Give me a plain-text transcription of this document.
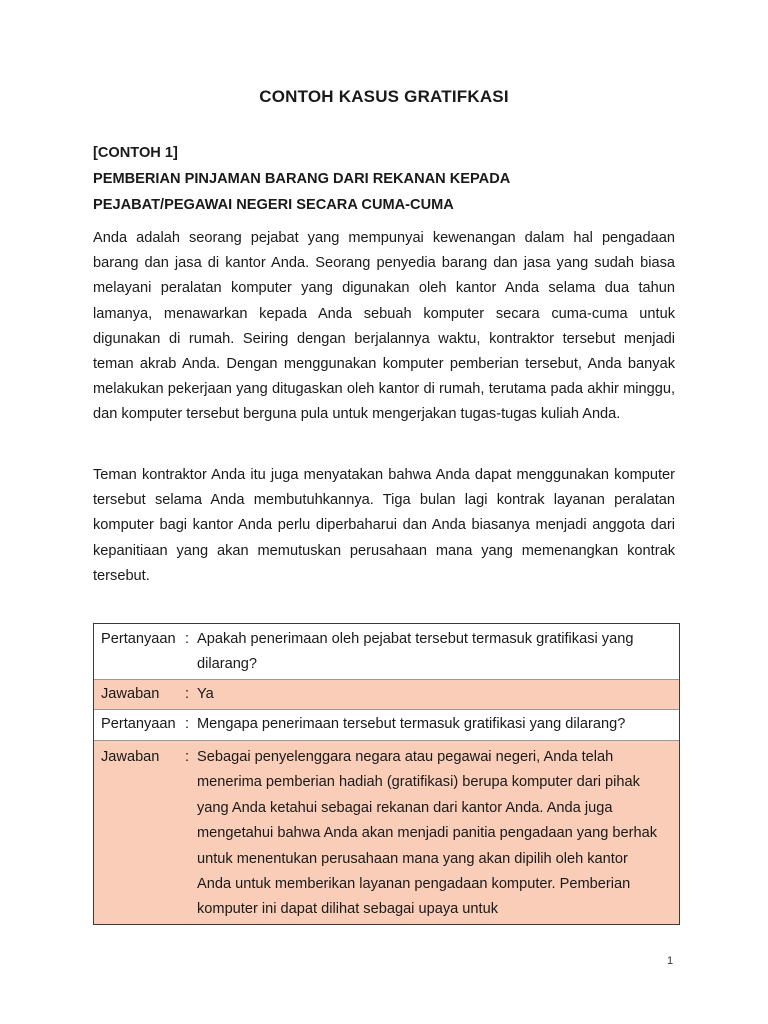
CONTOH KASUS GRATIFKASI
[CONTOH 1]
PEMBERIAN PINJAMAN BARANG DARI REKANAN KEPADA
PEJABAT/PEGAWAI NEGERI SECARA CUMA-CUMA

Anda adalah seorang pejabat yang mempunyai kewenangan dalam hal pengadaan barang dan jasa di kantor Anda. Seorang penyedia barang dan jasa yang sudah biasa melayani peralatan komputer yang digunakan oleh kantor Anda selama dua tahun lamanya, menawarkan kepada Anda sebuah komputer secara cuma-cuma untuk digunakan di rumah. Seiring dengan berjalannya waktu, kontraktor tersebut menjadi teman akrab Anda. Dengan menggunakan komputer pemberian tersebut, Anda banyak melakukan pekerjaan yang ditugaskan oleh kantor di rumah, terutama pada akhir minggu, dan komputer tersebut berguna pula untuk mengerjakan tugas-tugas kuliah Anda.

Teman kontraktor Anda itu juga menyatakan bahwa Anda dapat menggunakan komputer tersebut selama Anda membutuhkannya. Tiga bulan lagi kontrak layanan peralatan komputer bagi kantor Anda perlu diperbaharui dan Anda biasanya menjadi anggota dari kepanitiaan yang akan memutuskan perusahaan mana yang memenangkan kontrak tersebut.

Pertanyaan : Apakah penerimaan oleh pejabat tersebut termasuk gratifikasi yang dilarang?
Jawaban	: Ya
Pertanyaan : Mengapa penerimaan tersebut termasuk gratifikasi yang dilarang?
Jawaban	: Sebagai penyelenggara negara atau pegawai negeri, Anda telah menerima pemberian hadiah (gratifikasi) berupa komputer dari pihak yang Anda ketahui sebagai rekanan dari kantor Anda. Anda juga mengetahui bahwa Anda akan menjadi panitia pengadaan yang berhak untuk menentukan perusahaan mana yang akan dipilih oleh kantor Anda untuk memberikan layanan pengadaan komputer. Pemberian komputer ini dapat dilihat sebagai upaya untuk
1
